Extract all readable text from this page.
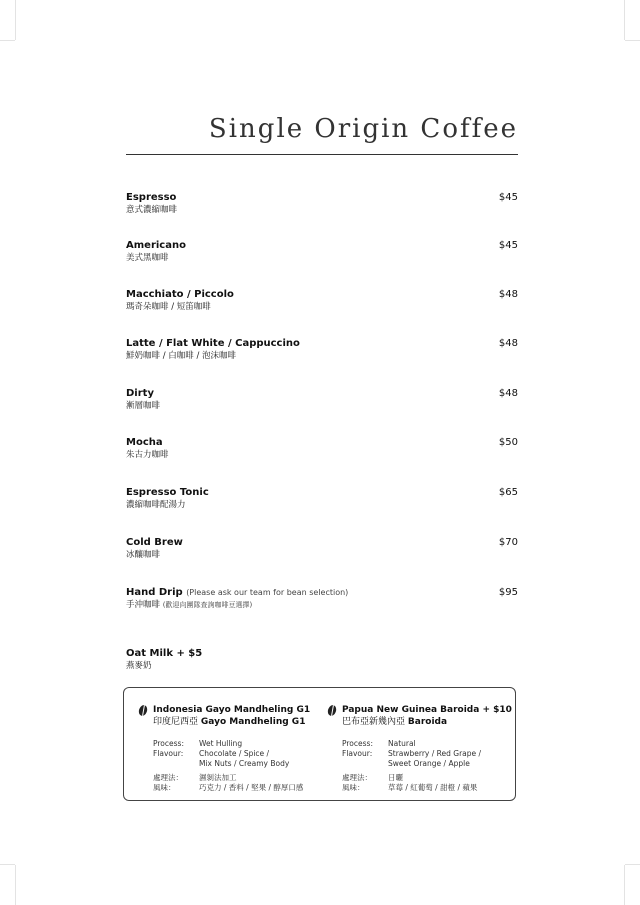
Single Origin Coffee
Espresso
意式濃縮咖啡
$45
Americano
美式黑咖啡
$45
Macchiato / Piccolo
瑪奇朵咖啡 / 短笛咖啡
$48
Latte / Flat White / Cappuccino
鮮奶咖啡 / 白咖啡 / 泡沫咖啡
$48
Dirty
漸層咖啡
$48
Mocha
朱古力咖啡
$50
Espresso Tonic
濃縮咖啡配湯力
$65
Cold Brew
冰釀咖啡
$70
Hand Drip (Please ask our team for bean selection)
手沖咖啡 (歡迎向團隊查詢咖啡豆選擇)
$95
Oat Milk + $5
燕麥奶
Indonesia Gayo Mandheling G1
印度尼西亞 Gayo Mandheling G1
Process:	Wet Hulling
Flavour:	Chocolate / Spice /
Mix Nuts / Creamy Body
處理法：	濕剝法加工
風味：	巧克力 / 香料 / 堅果 / 醇厚口感
Papua New Guinea Baroida + $10
巴布亞新幾內亞 Baroida
Process:	Natural
Flavour:	Strawberry / Red Grape /
Sweet Orange / Apple
處理法：	日曬
風味：	草莓 / 紅葡萄 / 甜橙 / 蘋果
